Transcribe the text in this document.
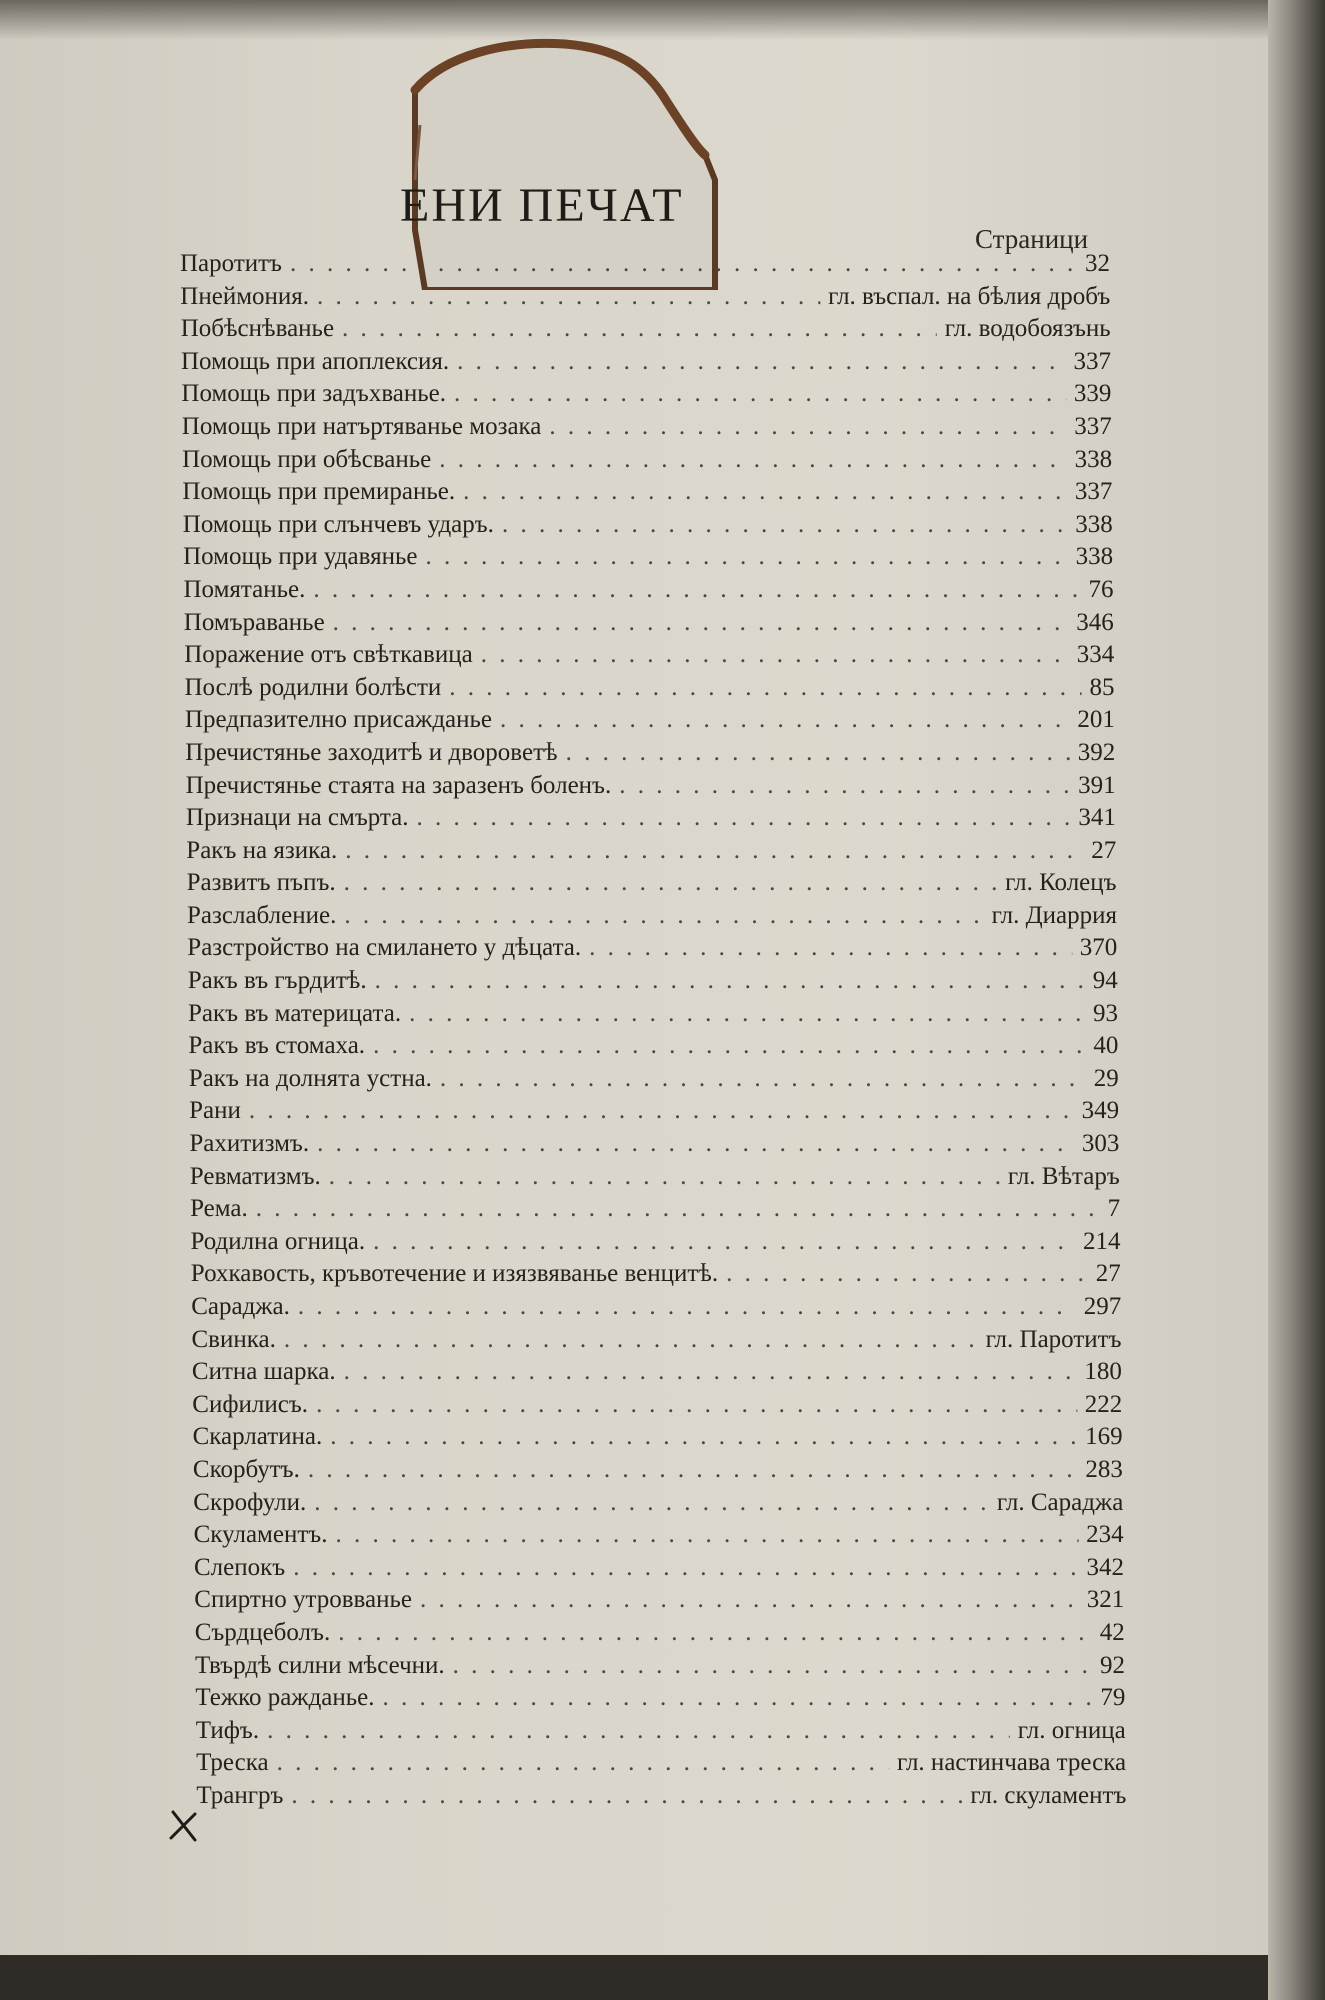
ЕНИ ПЕЧАТ
Страници
Паротитъ . . .	32
Пнеймония. . . .	гл. въспал. на бѣлия дробъ
Побѣснѣванье . . .	гл. водобоязънь
Помощь при апоплексия. . . .	337
Помощь при задъхванье. . . .	339
Помощь при натъртяванье мозака . . .	337
Помощь при обѣсванье . . .	338
Помощь при премиранье. . . .	337
Помощь при слънчевъ ударъ. . . .	338
Помощь при удавянье . . .	338
Помятанье. . . .	76
Помъраванье . . .	346
Поражение отъ свѣткавица . . .	334
Послѣ родилни болѣсти . . .	85
Предпазително присажданье . . .	201
Пречистянье заходитѣ и дворовeтѣ . . .	392
Пречистянье стаята на заразенъ боленъ. . . .	391
Признаци на смърта. . . .	341
Ракъ на язика. . . .	27
Развитъ пъпъ. . . .	гл. Колецъ
Разслабление. . . .	гл. Диаррия
Разстройство на смилането у дѣцата. . . .	370
Ракъ въ гърдитѣ. . . .	94
Ракъ въ материцата. . . .	93
Ракъ въ стомаха. . . .	40
Ракъ на долнята устна. . . .	29
Рани . . .	349
Рахитизмъ. . . .	303
Ревматизмъ. . . .	гл. Вѣтаръ
Рема. . . .	7
Родилна огница. . . .	214
Рохкавость, кръвотечение и изязвяванье венцитѣ. . . .	27
Сараджа. . . .	297
Свинка. . . .	гл. Паротитъ
Ситна шарка. . . .	180
Сифилисъ. . . .	222
Скарлатина. . . .	169
Скорбутъ. . . .	283
Скрофули. . . .	гл. Сараджа
Скуламентъ. . . .	234
Слепокъ . . .	342
Спиртно утровванье . . .	321
Сърдцеболъ. . . .	42
Твърдѣ силни мѣсечни. . . .	92
Тежко ражданье. . . .	79
Тифъ. . . .	гл. огница
Треска . . .	гл. настинчава треска
Трангръ . . .	гл. скуламентъ
